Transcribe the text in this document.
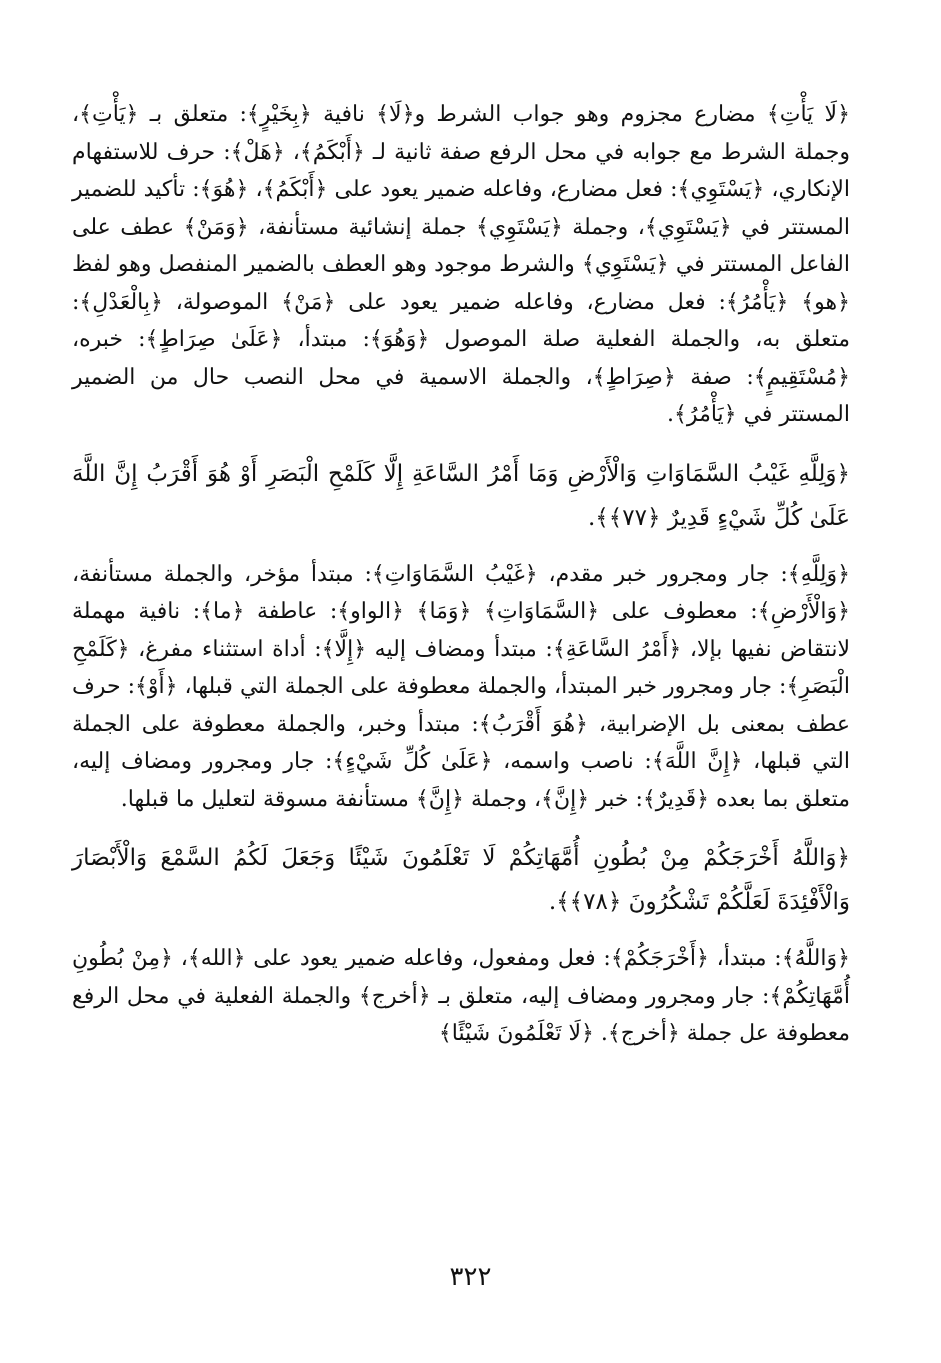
﴿لَا يَأْتِ﴾ مضارع مجزوم وهو جواب الشرط و﴿لَا﴾ نافية ﴿بِخَيْرٍ﴾: متعلق بـ ﴿يَأْتِ﴾، وجملة الشرط مع جوابه في محل الرفع صفة ثانية لـ ﴿أَبْكَمُ﴾، ﴿هَلْ﴾: حرف للاستفهام الإنكاري، ﴿يَسْتَوِي﴾: فعل مضارع، وفاعله ضمير يعود على ﴿أَبْكَمُ﴾، ﴿هُوَ﴾: تأكيد للضمير المستتر في ﴿يَسْتَوِي﴾، وجملة ﴿يَسْتَوِي﴾ جملة إنشائية مستأنفة، ﴿وَمَنْ﴾ عطف على الفاعل المستتر في ﴿يَسْتَوِي﴾ والشرط موجود وهو العطف بالضمير المنفصل وهو لفظ ﴿هو﴾ ﴿يَأْمُرُ﴾: فعل مضارع، وفاعله ضمير يعود على ﴿مَنْ﴾ الموصولة، ﴿بِالْعَدْلِ﴾: متعلق به، والجملة الفعلية صلة الموصول ﴿وَهُوَ﴾: مبتدأ، ﴿عَلَىٰ صِرَاطٍ﴾: خبره، ﴿مُسْتَقِيمٍ﴾: صفة ﴿صِرَاطٍ﴾، والجملة الاسمية في محل النصب حال من الضمير المستتر في ﴿يَأْمُرُ﴾.

﴿وَلِلَّهِ غَيْبُ السَّمَاوَاتِ وَالْأَرْضِ وَمَا أَمْرُ السَّاعَةِ إِلَّا كَلَمْحِ الْبَصَرِ أَوْ هُوَ أَقْرَبُ إِنَّ اللَّهَ عَلَىٰ كُلِّ شَيْءٍ قَدِيرٌ ﴿٧٧﴾﴾.

﴿وَلِلَّهِ﴾: جار ومجرور خبر مقدم، ﴿غَيْبُ السَّمَاوَاتِ﴾: مبتدأ مؤخر، والجملة مستأنفة، ﴿وَالْأَرْضِ﴾: معطوف على ﴿السَّمَاوَاتِ﴾ ﴿وَمَا﴾ ﴿الواو﴾: عاطفة ﴿ما﴾: نافية مهملة لانتقاض نفيها بإلا، ﴿أَمْرُ السَّاعَةِ﴾: مبتدأ ومضاف إليه ﴿إِلَّا﴾: أداة استثناء مفرغ، ﴿كَلَمْحِ الْبَصَرِ﴾: جار ومجرور خبر المبتدأ، والجملة معطوفة على الجملة التي قبلها، ﴿أَوْ﴾: حرف عطف بمعنى بل الإضرابية، ﴿هُوَ أَقْرَبُ﴾: مبتدأ وخبر، والجملة معطوفة على الجملة التي قبلها، ﴿إِنَّ اللَّهَ﴾: ناصب واسمه، ﴿عَلَىٰ كُلِّ شَيْءٍ﴾: جار ومجرور ومضاف إليه، متعلق بما بعده ﴿قَدِيرٌ﴾: خبر ﴿إِنَّ﴾، وجملة ﴿إِنَّ﴾ مستأنفة مسوقة لتعليل ما قبلها.

﴿وَاللَّهُ أَخْرَجَكُمْ مِنْ بُطُونِ أُمَّهَاتِكُمْ لَا تَعْلَمُونَ شَيْئًا وَجَعَلَ لَكُمُ السَّمْعَ وَالْأَبْصَارَ وَالْأَفْئِدَةَ لَعَلَّكُمْ تَشْكُرُونَ ﴿٧٨﴾﴾.

﴿وَاللَّهُ﴾: مبتدأ، ﴿أَخْرَجَكُمْ﴾: فعل ومفعول، وفاعله ضمير يعود على ﴿الله﴾، ﴿مِنْ بُطُونِ أُمَّهَاتِكُمْ﴾: جار ومجرور ومضاف إليه، متعلق بـ ﴿أخرج﴾ والجملة الفعلية في محل الرفع معطوفة عل جملة ﴿أخرج﴾. ﴿لَا تَعْلَمُونَ شَيْئًا﴾

٣٢٢
